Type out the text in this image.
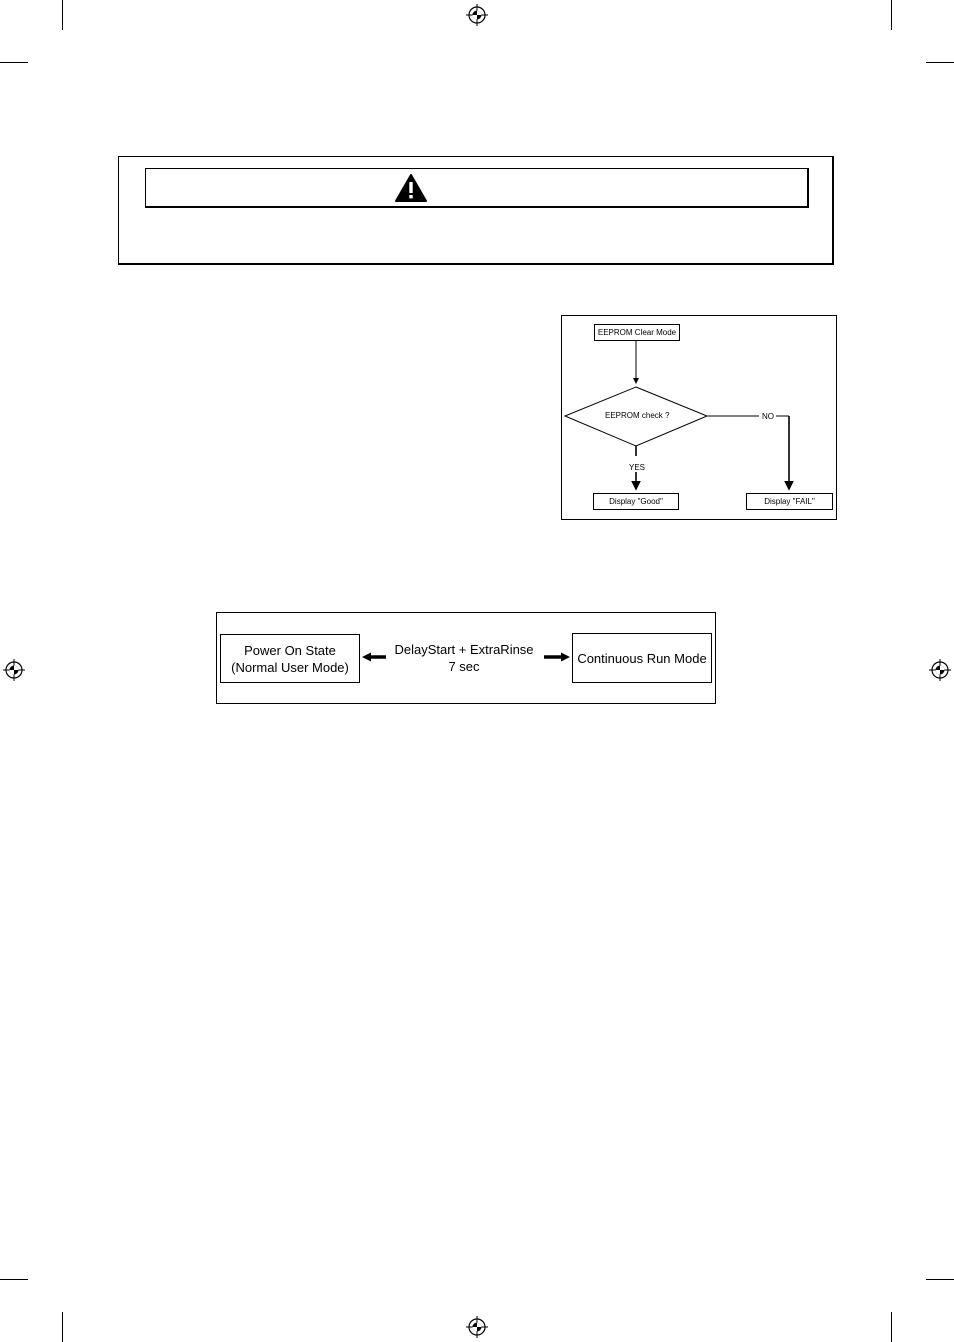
EEPROM Clear Mode
EEPROM check ?
YES
NO
Display "Good"	Display "FAIL"
Power On State
(Normal User Mode)
DelayStart + ExtraRinse
7 sec
Continuous Run Mode
